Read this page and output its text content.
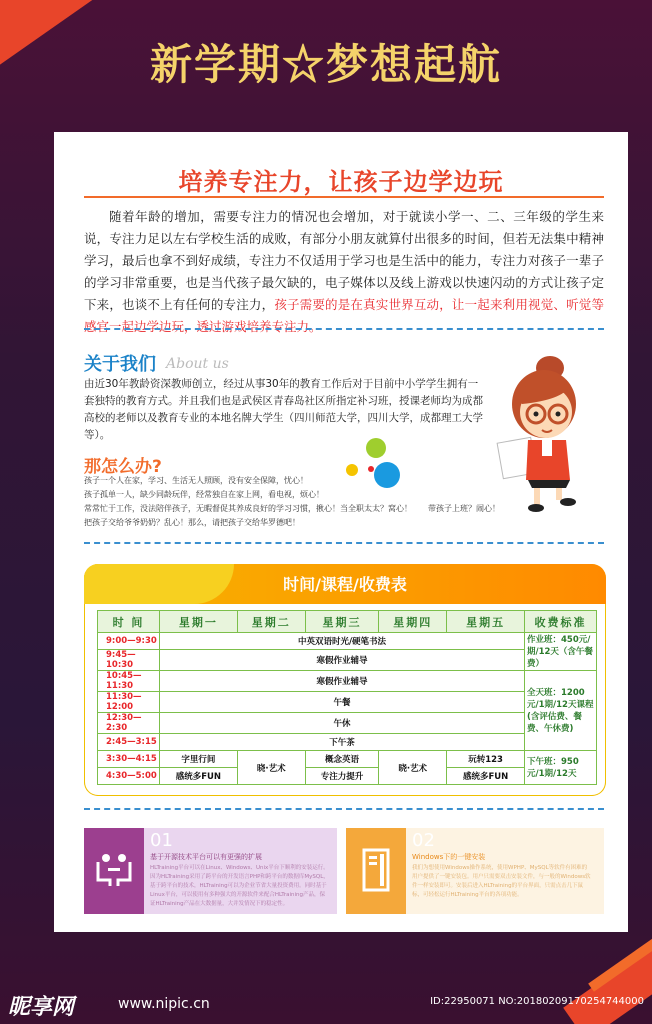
新学期☆梦想起航
培养专注力，让孩子边学边玩
随着年龄的增加，需要专注力的情况也会增加，对于就读小学一、二、三年级的学生来说，专注力足以左右学校生活的成败，有部分小朋友就算付出很多的时间，但若无法集中精神学习，最后也拿不到好成绩，专注力不仅适用于学习也是生活中的能力，专注力对孩子一辈子的学习非常重要，也是当代孩子最欠缺的，电子媒体以及线上游戏以快速闪动的方式让孩子定下来，也谈不上有任何的专注力，孩子需要的是在真实世界互动，让一起来利用视觉、听觉等感官一起边学边玩，透过游戏培养专注力。
关于我们 About us
由近30年教龄资深教师创立，经过从事30年的教育工作后对于目前中小学学生拥有一套独特的教育方式。并且我们也是武侯区青春岛社区所指定补习班，授课老师均为成都高校的老师以及教育专业的本地名牌大学生（四川师范大学，四川大学，成都理工大学等）。
那怎么办?
孩子一个人在家，学习、生活无人照顾，没有安全保障，忧心！
孩子孤单一人，缺少同龄玩伴，经常独自在家上网，看电视，烦心！
常常忙于工作，没法陪伴孩子，无暇督促其养成良好的学习习惯，揪心！当全职太太？窝心！　　带孩子上班？闹心！
把孩子交给爷爷奶奶？乱心！那么，请把孩子交给华罗德吧！
时间/课程/收费表
时 间	星期一	星期二	星期三	星期四	星期五	收费标准
9:00—9:30	中英双语时光/硬笔书法					作业班：450元/期/12天（含午餐费）
9:45—10:30	寒假作业辅导					
10:45—11:30	寒假作业辅导					全天班：1200元/1期/12天课程(含评估费、餐费、午休费)
11:30—12:00	午餐					
12:30—2:30	午休					
2:45—3:15	下午茶					
3:30—4:15	字里行间	晓·艺术	概念英语	晓·艺术	玩转123	下午班：950元/1期/12天
4:30—5:00	感统多FUN		专注力提升		感统多FUN	
01
基于开源技术平台可以有更强的扩展
HLTraining平台可以在Linux、Windows、Unix平台下顺利的安装运行。因为HLTraining采用了跨平台的开发语言PHP和跨平台的数据库MySQL，基于跨平台的技术，HLTraining可以为企业节省大量投资费用。同时基于Linux平台，可以使用有多种强大的开源软件来配合HLTraining产品，保证HLTraining产品在大数据量，大并发情况下的稳定性。
02
Windows下的一键安装
我们为想使用Windows操作系统，使用WPHP、MySQL等软件有困难的用户提供了一键安装包。用户只需要双击安装文件，与一般的Windows软件一样安装即可。安装后进入HLTraining的平台界面，只需点击几下鼠标，可轻松运行HLTraining平台的各项功能。
昵享网	www.nipic.cn	ID:22950071 NO:20180209170254744000
